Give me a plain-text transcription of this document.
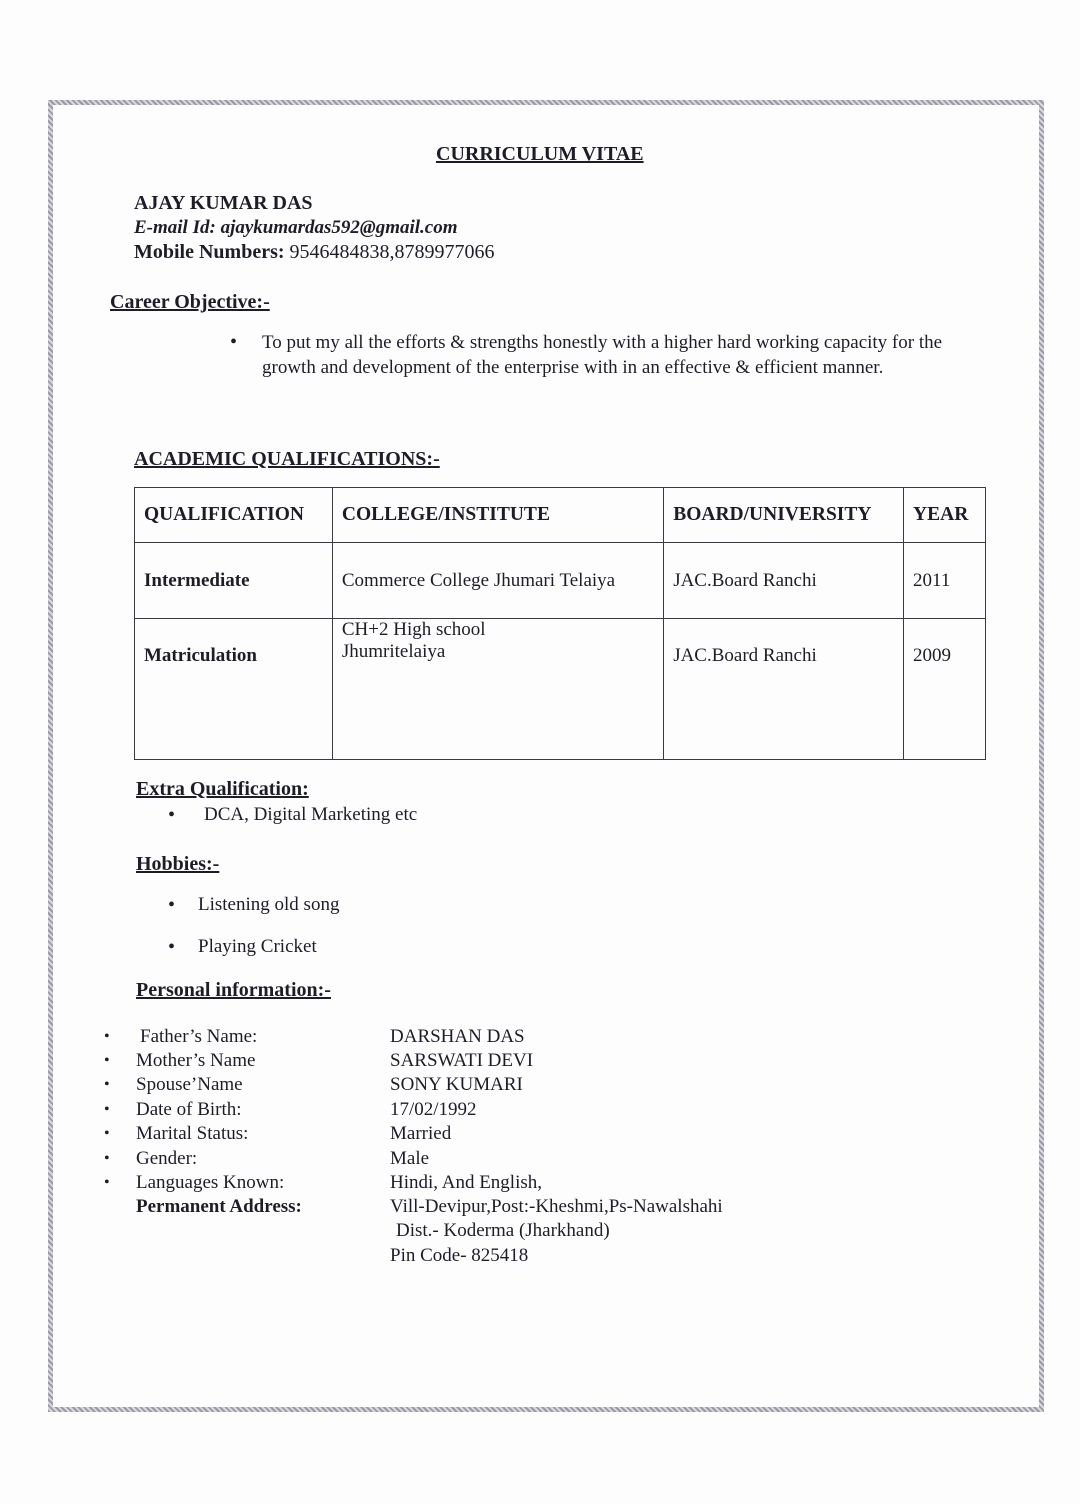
CURRICULUM VITAE
AJAY KUMAR DAS
E-mail Id: ajaykumardas592@gmail.com
Mobile Numbers: 9546484838,8789977066
Career Objective:-
• To put my all the efforts & strengths honestly with a higher hard working capacity for the growth and development of the enterprise with in an effective & efficient manner.
ACADEMIC QUALIFICATIONS:-
QUALIFICATION	COLLEGE/INSTITUTE	BOARD/UNIVERSITY	YEAR
Intermediate	Commerce College Jhumari Telaiya	JAC.Board Ranchi	2011
Matriculation	CH+2 High school Jhumritelaiya	JAC.Board Ranchi	2009
Extra Qualification:
• DCA, Digital Marketing etc
Hobbies:-
• Listening old song
• Playing Cricket
Personal information:-
• Father’s Name:	DARSHAN DAS
• Mother’s Name	SARSWATI DEVI
• Spouse’Name	SONY KUMARI
• Date of Birth:	17/02/1992
• Marital Status:	Married
• Gender:	Male
• Languages Known:	Hindi, And English,
Permanent Address:	Vill-Devipur,Post:-Kheshmi,Ps-Nawalshahi
Dist.- Koderma (Jharkhand)
Pin Code- 825418
